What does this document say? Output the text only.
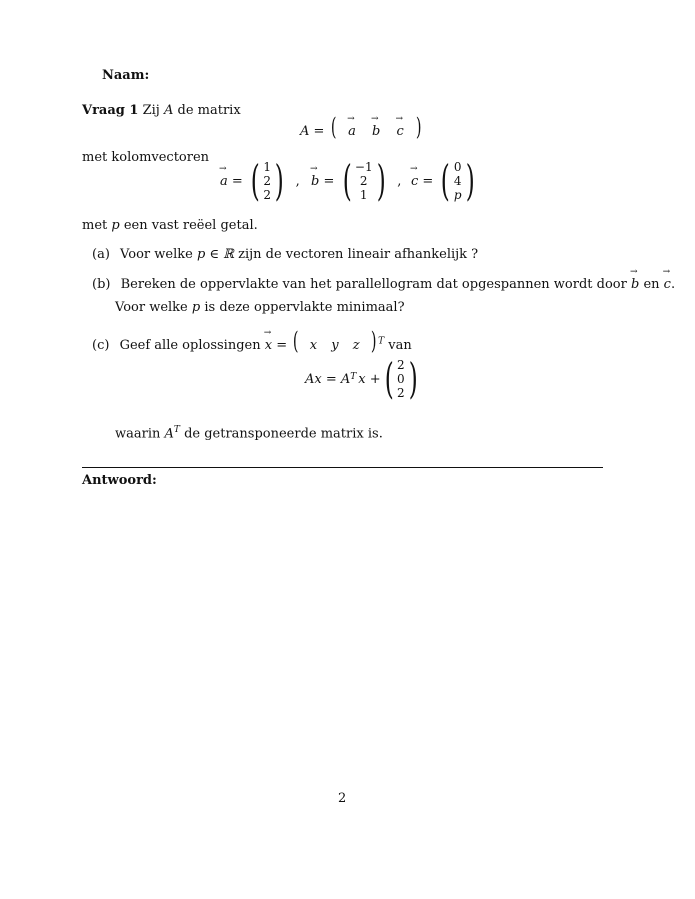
Naam:
Vraag 1 Zij A de matrix
A = ( → a → b → c )
met kolomvectoren
→ a = ( 1
2
2 ) , → b = ( −1
2
1 ) , → c = ( 0
4
p )
met p een vast reëel getal.
(a) Voor welke p ∈ ℝ zijn de vectoren lineair afhankelijk ?
(b) Bereken de oppervlakte van het parallellogram dat opgespannen wordt door → b en → c.
Voor welke p is deze oppervlakte minimaal?
(c) Geef alle oplossingen → x = ( x y z ) $^T$ van
Ax = A T x + ( 2
0
2 )
waarin $A^T$ de getransponeerde matrix is.
Antwoord:
2
